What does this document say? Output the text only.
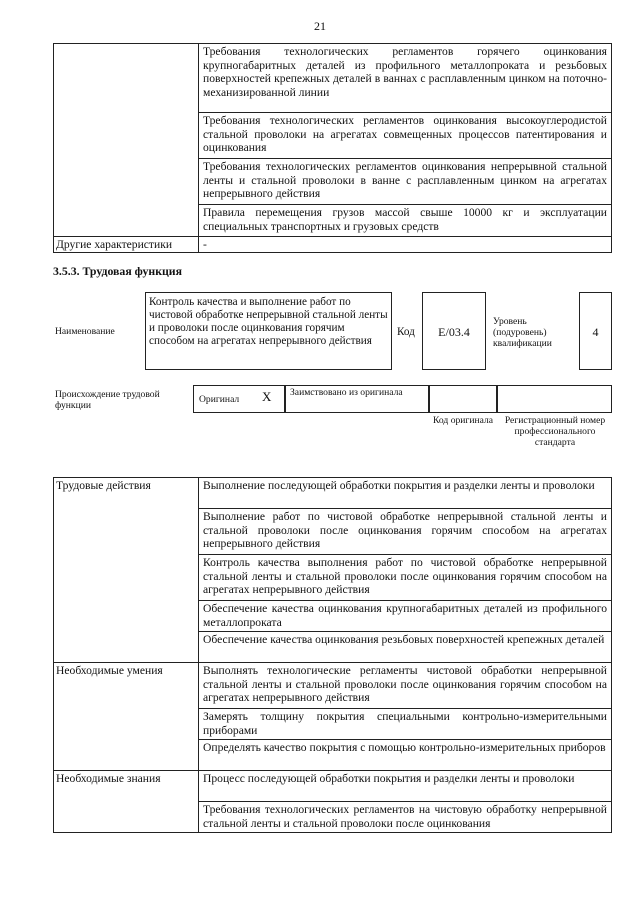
21
	Требования технологических регламентов горячего оцинкования крупногабаритных деталей из профильного металлопроката и резьбовых поверхностей крепежных деталей в ваннах с расплавленным цинком на поточно-механизированной линии
	Требования технологических регламентов оцинкования высокоуглеродистой стальной проволоки на агрегатах совмещенных процессов патентирования и оцинкования
	Требования технологических регламентов оцинкования непрерывной стальной ленты и стальной проволоки в ванне с расплавленным цинком на агрегатах непрерывного действия
	Правила перемещения грузов массой свыше 10000 кг и эксплуатации специальных транспортных и грузовых средств
Другие характеристики	-
3.5.3. Трудовая функция
Наименование
Контроль качества и выполнение работ по чистовой обработке непрерывной стальной ленты и проволоки после оцинкования горячим способом на агрегатах непрерывного действия
Код	E/03.4
Уровень (подуровень) квалификации
4
Происхождение трудовой функции
Оригинал X	Заимствовано из оригинала
Код оригинала	Регистрационный номер профессионального стандарта
Трудовые действия	Выполнение последующей обработки покрытия и разделки ленты и проволоки
	Выполнение работ по чистовой обработке непрерывной стальной ленты и стальной проволоки после оцинкования горячим способом на агрегатах непрерывного действия
	Контроль качества выполнения работ по чистовой обработке непрерывной стальной ленты и стальной проволоки после оцинкования горячим способом на агрегатах непрерывного действия
	Обеспечение качества оцинкования крупногабаритных деталей из профильного металлопроката
	Обеспечение качества оцинкования резьбовых поверхностей крепежных деталей
Необходимые умения	Выполнять технологические регламенты чистовой обработки непрерывной стальной ленты и стальной проволоки после оцинкования горячим способом на агрегатах непрерывного действия
	Замерять толщину покрытия специальными контрольно-измерительными приборами
	Определять качество покрытия с помощью контрольно-измерительных приборов
Необходимые знания	Процесс последующей обработки покрытия и разделки ленты и проволоки
	Требования технологических регламентов на чистовую обработку непрерывной стальной ленты и стальной проволоки после оцинкования
